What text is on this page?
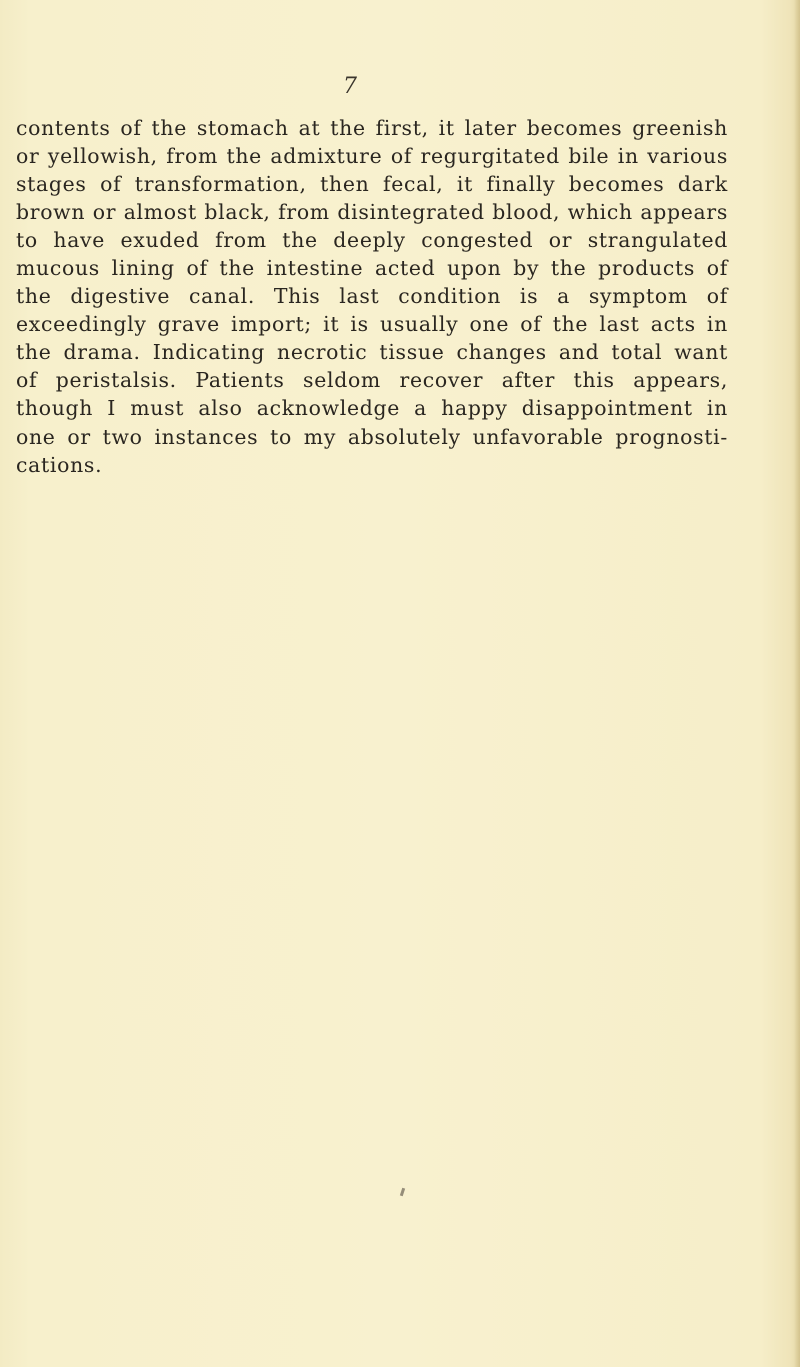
7
contents of the stomach at the first, it later becomes greenish
or yellowish, from the admixture of regurgitated bile in various
stages of transformation, then fecal, it finally becomes dark
brown or almost black, from disintegrated blood, which appears
to have exuded from the deeply congested or strangulated
mucous lining of the intestine acted upon by the products of
the digestive canal. This last condition is a symptom of
exceedingly grave import; it is usually one of the last acts in
the drama. Indicating necrotic tissue changes and total want
of peristalsis. Patients seldom recover after this appears,
though I must also acknowledge a happy disappointment in
one or two instances to my absolutely unfavorable prognosti-
cations.
